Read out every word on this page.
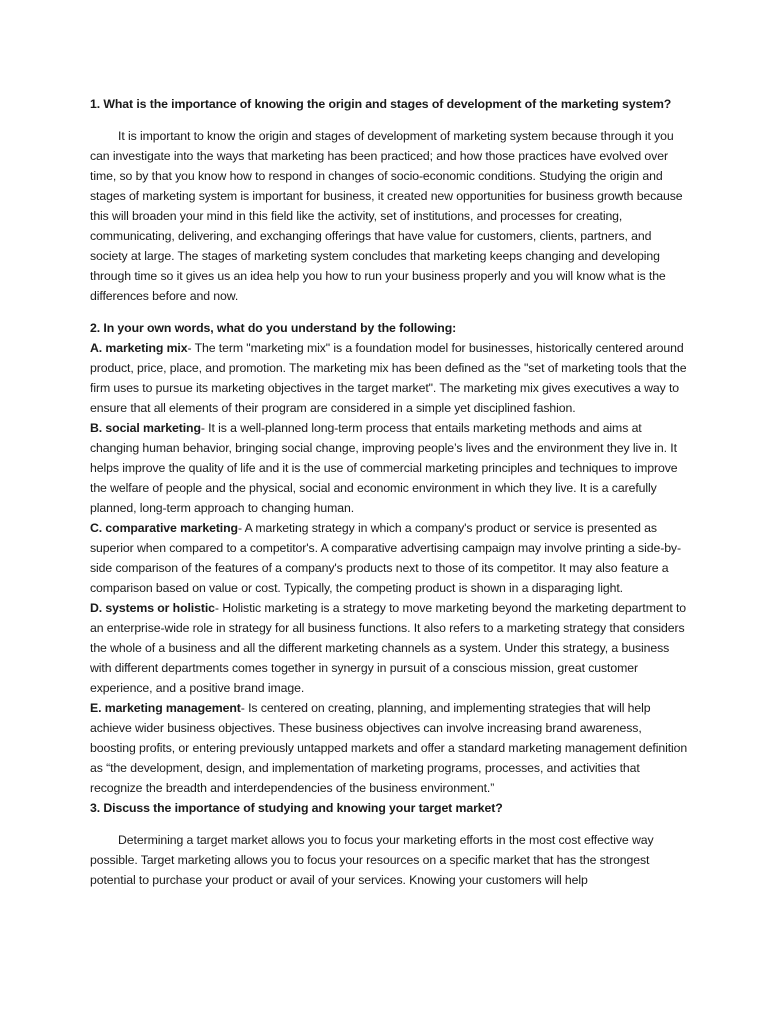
1. What is the importance of knowing the origin and stages of development of the marketing system?

It is important to know the origin and stages of development of marketing system because through it you can investigate into the ways that marketing has been practiced; and how those practices have evolved over time, so by that you know how to respond in changes of socio-economic conditions. Studying the origin and stages of marketing system is important for business, it created new opportunities for business growth because this will broaden your mind in this field like the activity, set of institutions, and processes for creating, communicating, delivering, and exchanging offerings that have value for customers, clients, partners, and society at large. The stages of marketing system concludes that marketing keeps changing and developing through time so it gives us an idea help you how to run your business properly and you will know what is the differences before and now.

2. In your own words, what do you understand by the following:

A. marketing mix- The term "marketing mix" is a foundation model for businesses, historically centered around product, price, place, and promotion. The marketing mix has been defined as the "set of marketing tools that the firm uses to pursue its marketing objectives in the target market". The marketing mix gives executives a way to ensure that all elements of their program are considered in a simple yet disciplined fashion.

B. social marketing- It is a well-planned long-term process that entails marketing methods and aims at changing human behavior, bringing social change, improving people’s lives and the environment they live in. It helps improve the quality of life and it is the use of commercial marketing principles and techniques to improve the welfare of people and the physical, social and economic environment in which they live. It is a carefully planned, long-term approach to changing human.

C. comparative marketing- A marketing strategy in which a company's product or service is presented as superior when compared to a competitor's. A comparative advertising campaign may involve printing a side-by-side comparison of the features of a company's products next to those of its competitor. It may also feature a comparison based on value or cost. Typically, the competing product is shown in a disparaging light.

D. systems or holistic- Holistic marketing is a strategy to move marketing beyond the marketing department to an enterprise-wide role in strategy for all business functions. It also refers to a marketing strategy that considers the whole of a business and all the different marketing channels as a system. Under this strategy, a business with different departments comes together in synergy in pursuit of a conscious mission, great customer experience, and a positive brand image.

E. marketing management- Is centered on creating, planning, and implementing strategies that will help achieve wider business objectives. These business objectives can involve increasing brand awareness, boosting profits, or entering previously untapped markets and offer a standard marketing management definition as “the development, design, and implementation of marketing programs, processes, and activities that recognize the breadth and interdependencies of the business environment.”

3. Discuss the importance of studying and knowing your target market?

Determining a target market allows you to focus your marketing efforts in the most cost effective way possible. Target marketing allows you to focus your resources on a specific market that has the strongest potential to purchase your product or avail of your services. Knowing your customers will help
